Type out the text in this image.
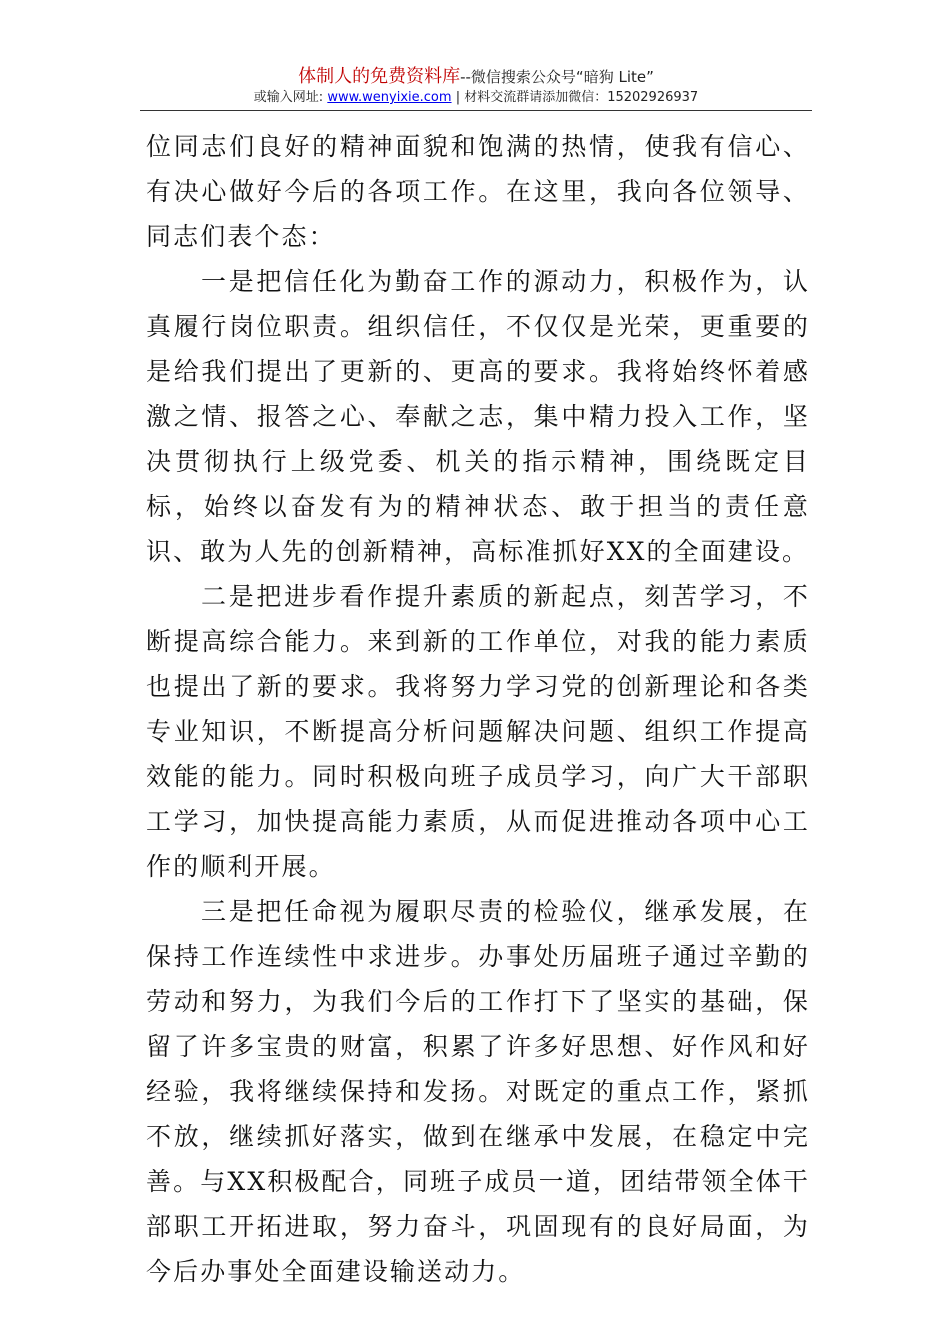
体制人的免费资料库--微信搜索公众号“暗狗 Lite”
或输入网址: www.wenyixie.com | 材料交流群请添加微信：15202926937

位同志们良好的精神面貌和饱满的热情，使我有信心、有决心做好今后的各项工作。在这里，我向各位领导、同志们表个态：

一是把信任化为勤奋工作的源动力，积极作为，认真履行岗位职责。组织信任，不仅仅是光荣，更重要的是给我们提出了更新的、更高的要求。我将始终怀着感激之情、报答之心、奉献之志，集中精力投入工作，坚决贯彻执行上级党委、机关的指示精神，围绕既定目标，始终以奋发有为的精神状态、敢于担当的责任意识、敢为人先的创新精神，高标准抓好XX的全面建设。

二是把进步看作提升素质的新起点，刻苦学习，不断提高综合能力。来到新的工作单位，对我的能力素质也提出了新的要求。我将努力学习党的创新理论和各类专业知识，不断提高分析问题解决问题、组织工作提高效能的能力。同时积极向班子成员学习，向广大干部职工学习，加快提高能力素质，从而促进推动各项中心工作的顺利开展。

三是把任命视为履职尽责的检验仪，继承发展，在保持工作连续性中求进步。办事处历届班子通过辛勤的劳动和努力，为我们今后的工作打下了坚实的基础，保留了许多宝贵的财富，积累了许多好思想、好作风和好经验，我将继续保持和发扬。对既定的重点工作，紧抓不放，继续抓好落实，做到在继承中发展，在稳定中完善。与XX积极配合，同班子成员一道，团结带领全体干部职工开拓进取，努力奋斗，巩固现有的良好局面，为今后办事处全面建设输送动力。
